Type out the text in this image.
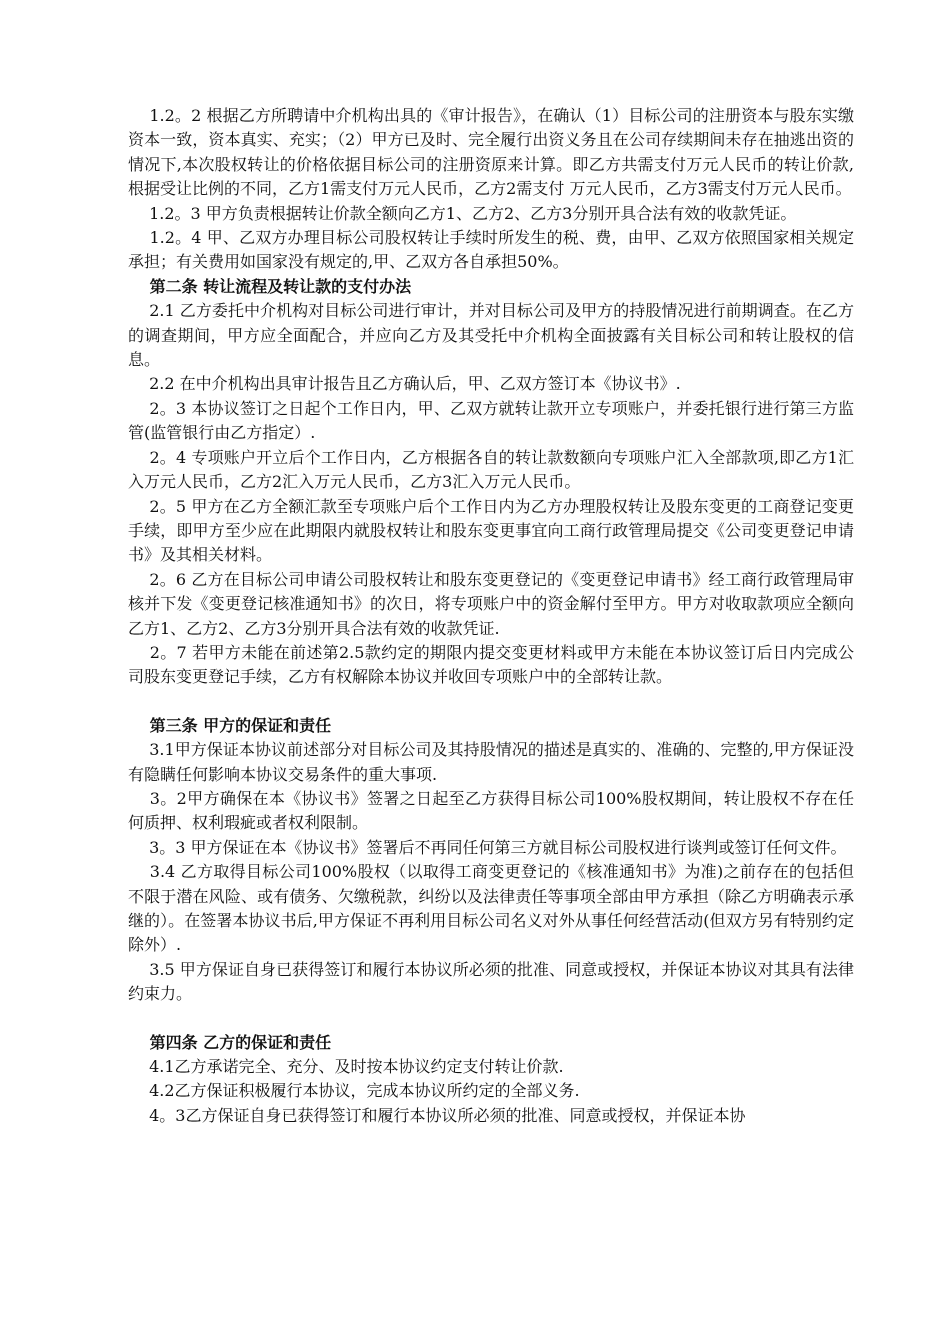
　 1.2。2 根据乙方所聘请中介机构出具的《审计报告》，在确认（1）目标公司的注册资本与股东实缴资本一致，资本真实、充实；（2）甲方已及时、完全履行出资义务且在公司存续期间未存在抽逃出资的情况下,本次股权转让的价格依据目标公司的注册资原来计算。即乙方共需支付万元人民币的转让价款,根据受让比例的不同，乙方1需支付万元人民币，乙方2需支付 万元人民币，乙方3需支付万元人民币。

　 1.2。3 甲方负责根据转让价款全额向乙方1、乙方2、乙方3分别开具合法有效的收款凭证。

　 1.2。4 甲、乙双方办理目标公司股权转让手续时所发生的税、费，由甲、乙双方依照国家相关规定承担；有关费用如国家没有规定的,甲、乙双方各自承担50%。

　 第二条 转让流程及转让款的支付办法

　 2.1 乙方委托中介机构对目标公司进行审计，并对目标公司及甲方的持股情况进行前期调查。在乙方的调查期间，甲方应全面配合，并应向乙方及其受托中介机构全面披露有关目标公司和转让股权的信息。

　 2.2 在中介机构出具审计报告且乙方确认后，甲、乙双方签订本《协议书》.

　 2。3 本协议签订之日起个工作日内，甲、乙双方就转让款开立专项账户，并委托银行进行第三方监管(监管银行由乙方指定）.

　 2。4 专项账户开立后个工作日内，乙方根据各自的转让款数额向专项账户汇入全部款项,即乙方1汇入万元人民币，乙方2汇入万元人民币，乙方3汇入万元人民币。

　 2。5 甲方在乙方全额汇款至专项账户后个工作日内为乙方办理股权转让及股东变更的工商登记变更手续，即甲方至少应在此期限内就股权转让和股东变更事宜向工商行政管理局提交《公司变更登记申请书》及其相关材料。

　 2。6 乙方在目标公司申请公司股权转让和股东变更登记的《变更登记申请书》经工商行政管理局审核并下发《变更登记核准通知书》的次日，将专项账户中的资金解付至甲方。甲方对收取款项应全额向乙方1、乙方2、乙方3分别开具合法有效的收款凭证.

　 2。7 若甲方未能在前述第2.5款约定的期限内提交变更材料或甲方未能在本协议签订后日内完成公司股东变更登记手续，乙方有权解除本协议并收回专项账户中的全部转让款。

　 第三条 甲方的保证和责任

　 3.1甲方保证本协议前述部分对目标公司及其持股情况的描述是真实的、准确的、完整的,甲方保证没有隐瞒任何影响本协议交易条件的重大事项.

　 3。2甲方确保在本《协议书》签署之日起至乙方获得目标公司100%股权期间，转让股权不存在任何质押、权利瑕疵或者权利限制。

　 3。3 甲方保证在本《协议书》签署后不再同任何第三方就目标公司股权进行谈判或签订任何文件。

　 3.4 乙方取得目标公司100%股权（以取得工商变更登记的《核准通知书》为准)之前存在的包括但不限于潜在风险、或有债务、欠缴税款，纠纷以及法律责任等事项全部由甲方承担（除乙方明确表示承继的）。在签署本协议书后,甲方保证不再利用目标公司名义对外从事任何经营活动(但双方另有特别约定除外）.

　 3.5 甲方保证自身已获得签订和履行本协议所必须的批准、同意或授权，并保证本协议对其具有法律约束力。

　 第四条 乙方的保证和责任

　 4.1乙方承诺完全、充分、及时按本协议约定支付转让价款.

　 4.2乙方保证积极履行本协议，完成本协议所约定的全部义务.

　 4。3乙方保证自身已获得签订和履行本协议所必须的批准、同意或授权，并保证本协
